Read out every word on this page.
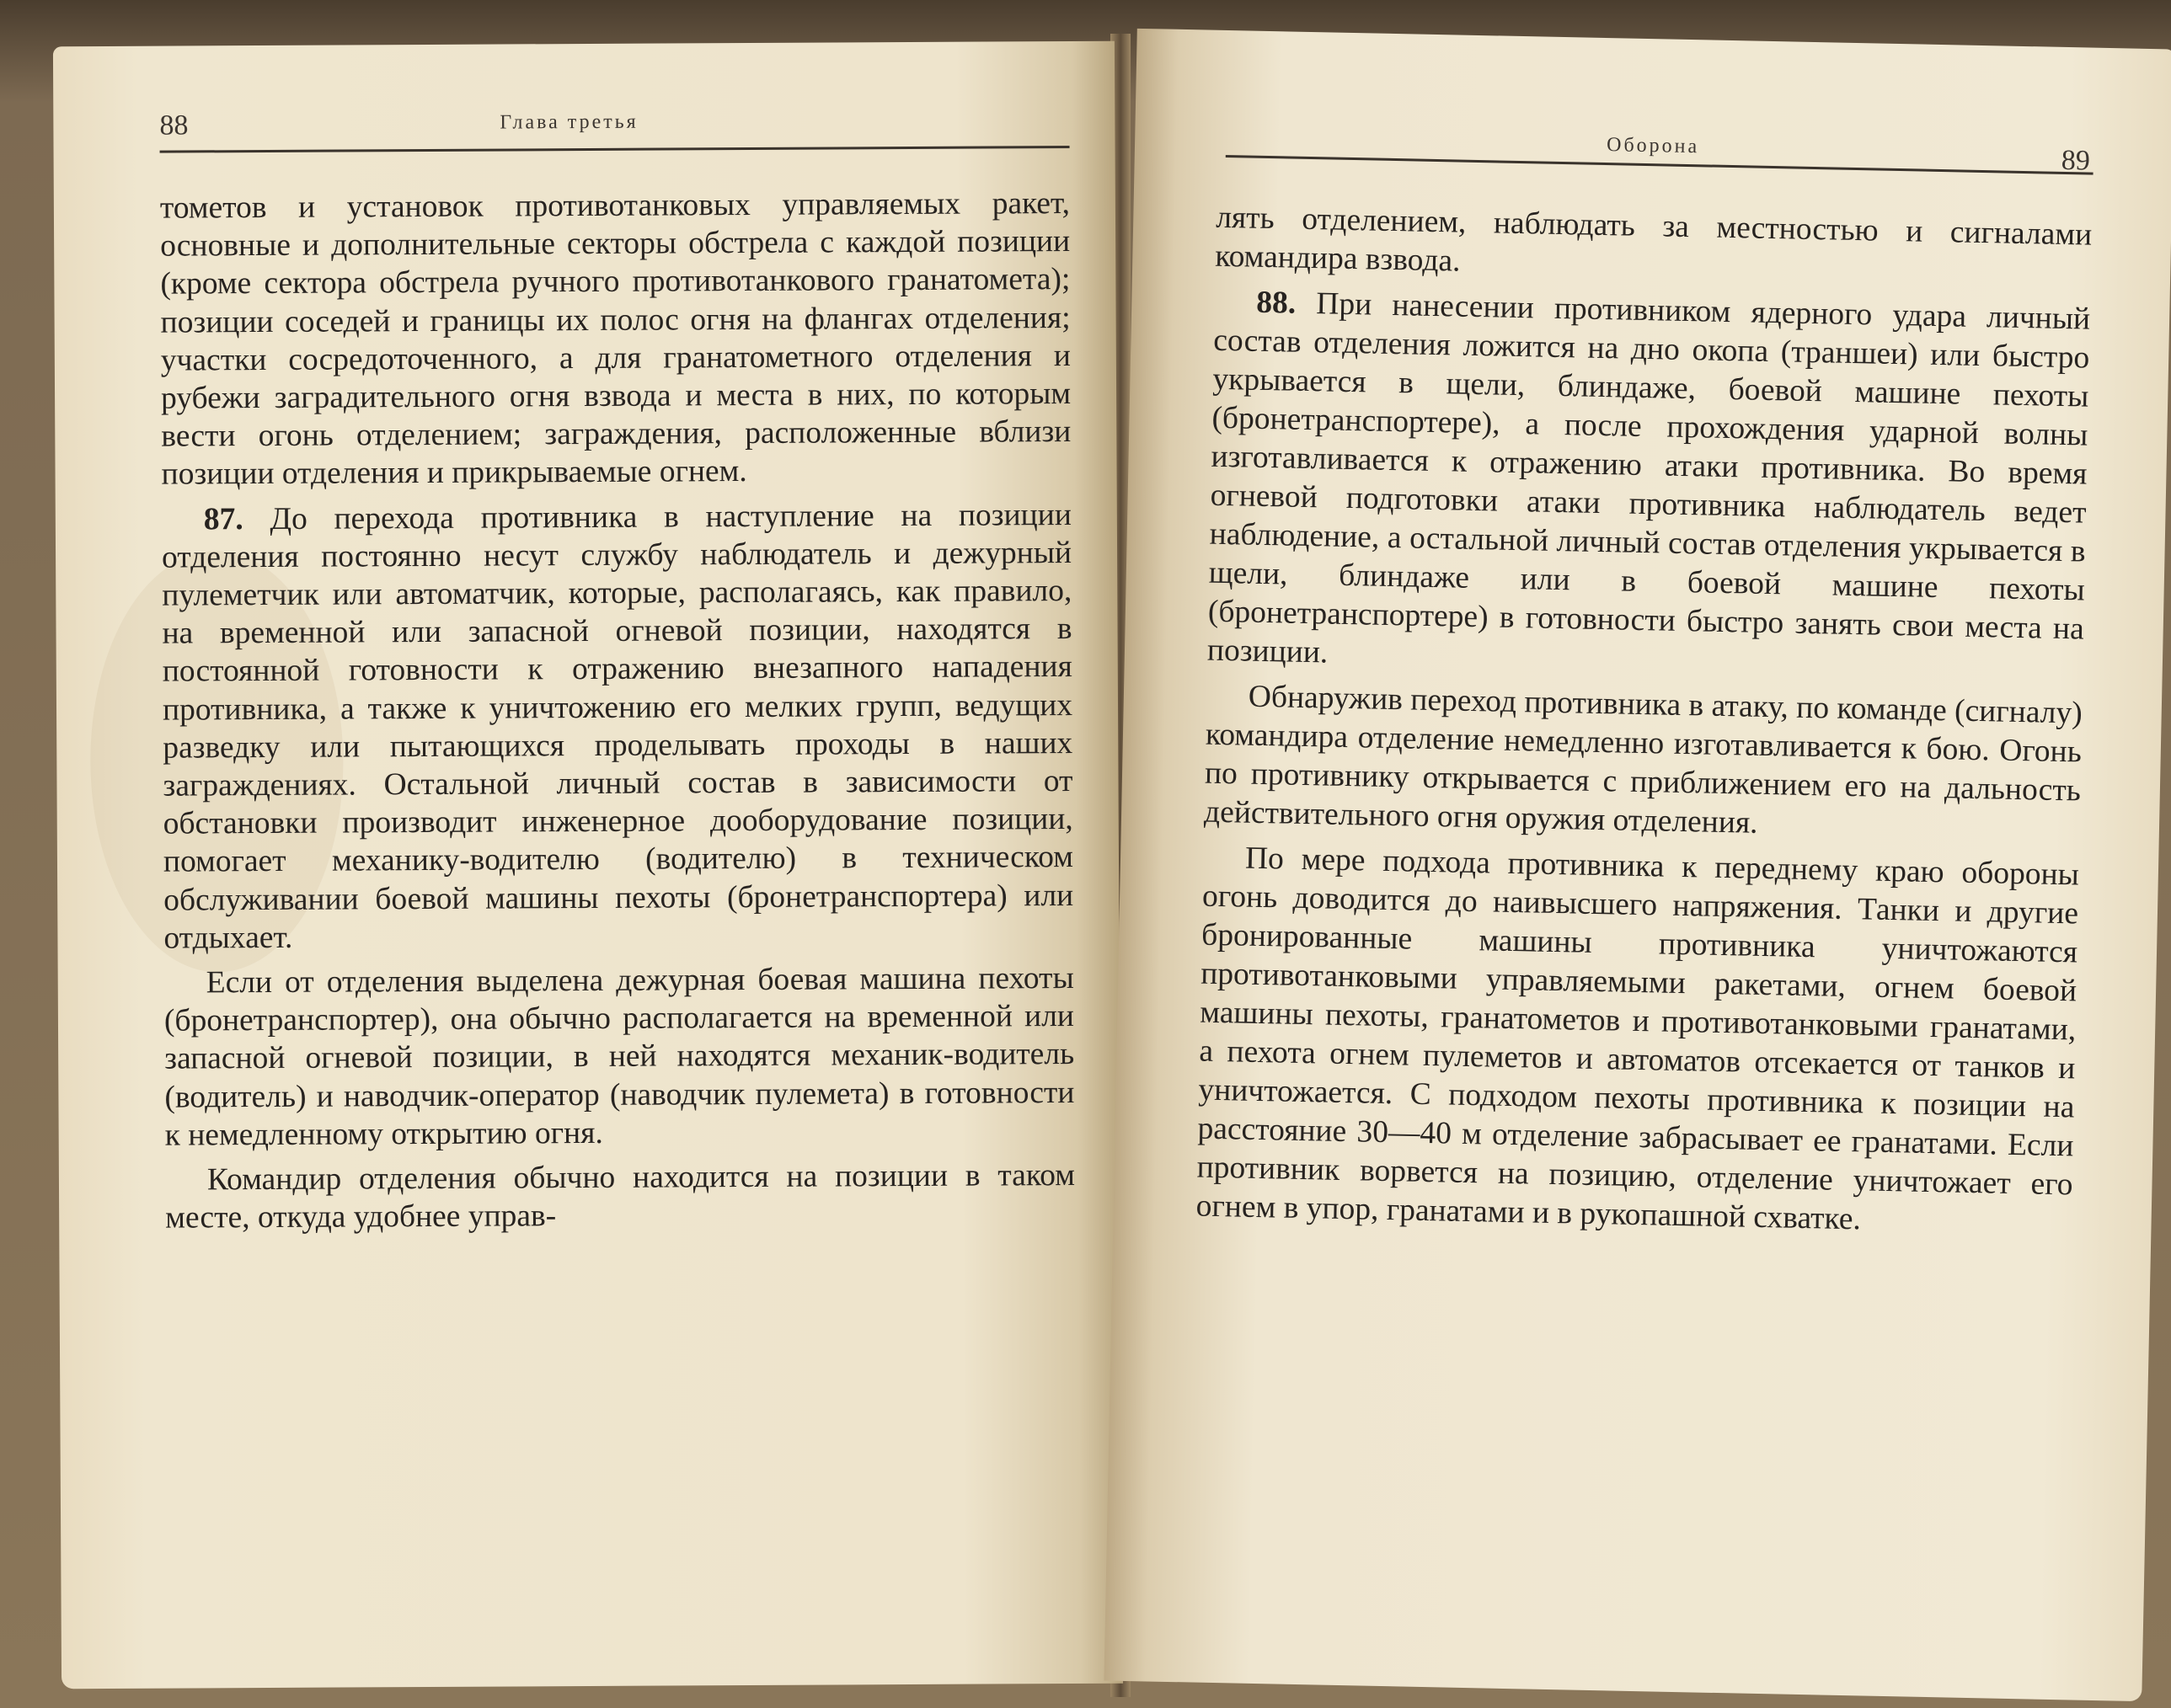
88	Глава третья

тометов и установок противотанковых управляемых ракет, основные и дополнительные секторы обстрела с каждой позиции (кроме сектора обстрела ручного противотанкового гранатомета); позиции соседей и границы их полос огня на флангах отделения; участки сосредоточенного, а для гранатометного отделения и рубежи заградительного огня взвода и места в них, по которым вести огонь отделением; заграждения, расположенные вблизи позиции отделения и прикрываемые огнем.

87. До перехода противника в наступление на позиции отделения постоянно несут службу наблюдатель и дежурный пулеметчик или автоматчик, которые, располагаясь, как правило, на временной или запасной огневой позиции, находятся в постоянной готовности к отражению внезапного нападения противника, а также к уничтожению его мелких групп, ведущих разведку или пытающихся проделывать проходы в наших заграждениях. Остальной личный состав в зависимости от обстановки производит инженерное дооборудование позиции, помогает механику-водителю (водителю) в техническом обслуживании боевой машины пехоты (бронетранспортера) или отдыхает.

Если от отделения выделена дежурная боевая машина пехоты (бронетранспортер), она обычно располагается на временной или запасной огневой позиции, в ней находятся механик-водитель (водитель) и наводчик-оператор (наводчик пулемета) в готовности к немедленному открытию огня.

Командир отделения обычно находится на позиции в таком месте, откуда удобнее управ-

Оборона	89

лять отделением, наблюдать за местностью и сигналами командира взвода.

88. При нанесении противником ядерного удара личный состав отделения ложится на дно окопа (траншеи) или быстро укрывается в щели, блиндаже, боевой машине пехоты (бронетранспортере), а после прохождения ударной волны изготавливается к отражению атаки противника. Во время огневой подготовки атаки противника наблюдатель ведет наблюдение, а остальной личный состав отделения укрывается в щели, блиндаже или в боевой машине пехоты (бронетранспортере) в готовности быстро занять свои места на позиции.

Обнаружив переход противника в атаку, по команде (сигналу) командира отделение немедленно изготавливается к бою. Огонь по противнику открывается с приближением его на дальность действительного огня оружия отделения.

По мере подхода противника к переднему краю обороны огонь доводится до наивысшего напряжения. Танки и другие бронированные машины противника уничтожаются противотанковыми управляемыми ракетами, огнем боевой машины пехоты, гранатометов и противотанковыми гранатами, а пехота огнем пулеметов и автоматов отсекается от танков и уничтожается. С подходом пехоты противника к позиции на расстояние 30—40 м отделение забрасывает ее гранатами. Если противник ворвется на позицию, отделение уничтожает его огнем в упор, гранатами и в рукопашной схватке.
